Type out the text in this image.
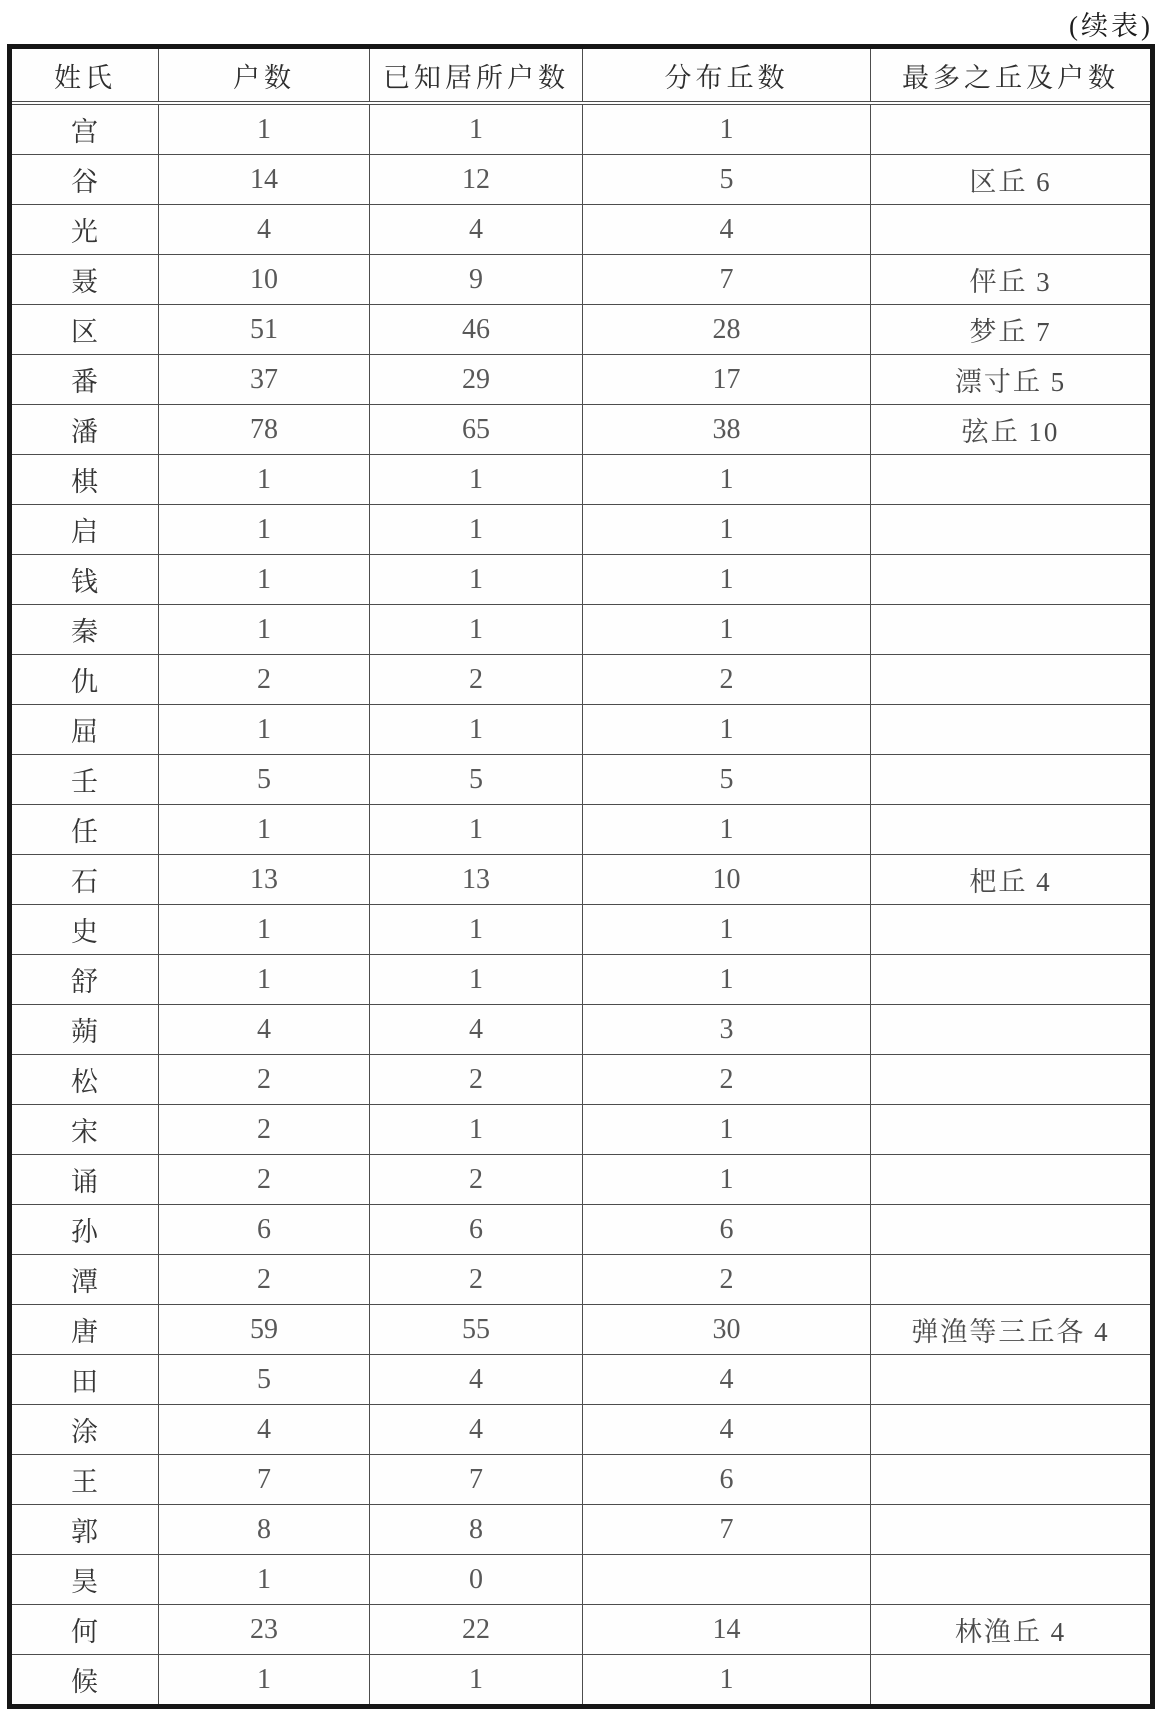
(续表)
姓氏	户数	已知居所户数	分布丘数	最多之丘及户数
宫	1	1	1	
谷	14	12	5	区丘 6
光	4	4	4	
聂	10	9	7	伻丘 3
区	51	46	28	梦丘 7
番	37	29	17	漂寸丘 5
潘	78	65	38	弦丘 10
棋	1	1	1	
启	1	1	1	
钱	1	1	1	
秦	1	1	1	
仇	2	2	2	
屈	1	1	1	
壬	5	5	5	
任	1	1	1	
石	13	13	10	杷丘 4
史	1	1	1	
舒	1	1	1	
蒴	4	4	3	
松	2	2	2	
宋	2	1	1	
诵	2	2	1	
孙	6	6	6	
潭	2	2	2	
唐	59	55	30	弹渔等三丘各 4
田	5	4	4	
涂	4	4	4	
王	7	7	6	
郭	8	8	7	
昊	1	0		
何	23	22	14	林渔丘 4
候	1	1	1	
